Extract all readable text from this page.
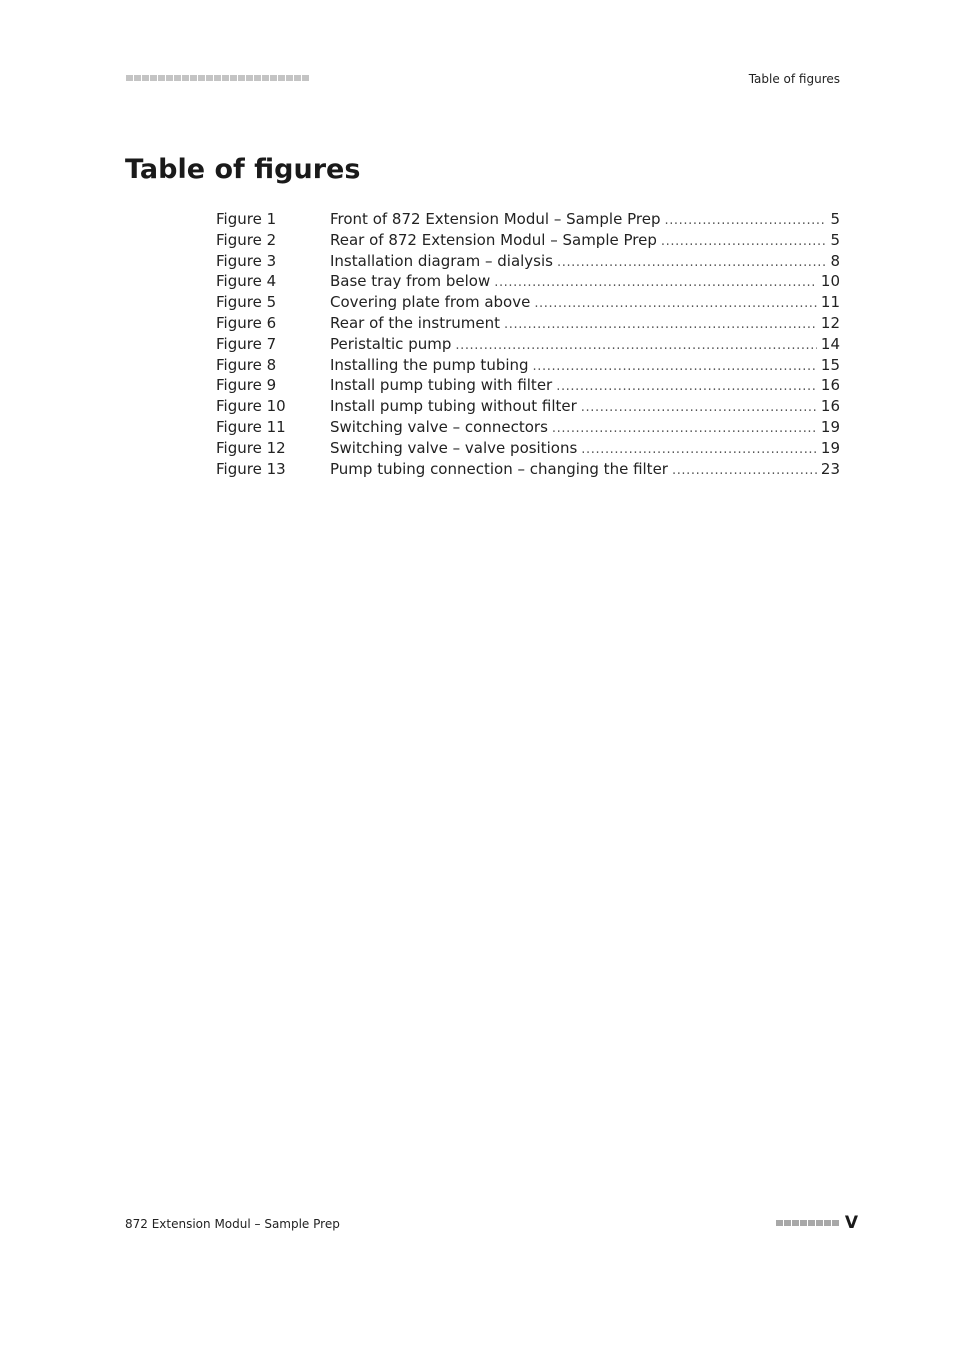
Table of figures
Table of figures
Figure 1	Front of 872 Extension Modul – Sample Prep .....	5
Figure 2	Rear of 872 Extension Modul – Sample Prep .....	5
Figure 3	Installation diagram – dialysis .....	8
Figure 4	Base tray from below .....	10
Figure 5	Covering plate from above .....	11
Figure 6	Rear of the instrument .....	12
Figure 7	Peristaltic pump .....	14
Figure 8	Installing the pump tubing .....	15
Figure 9	Install pump tubing with filter .....	16
Figure 10	Install pump tubing without filter .....	16
Figure 11	Switching valve – connectors .....	19
Figure 12	Switching valve – valve positions .....	19
Figure 13	Pump tubing connection – changing the filter .....	23
872 Extension Modul – Sample Prep	V
